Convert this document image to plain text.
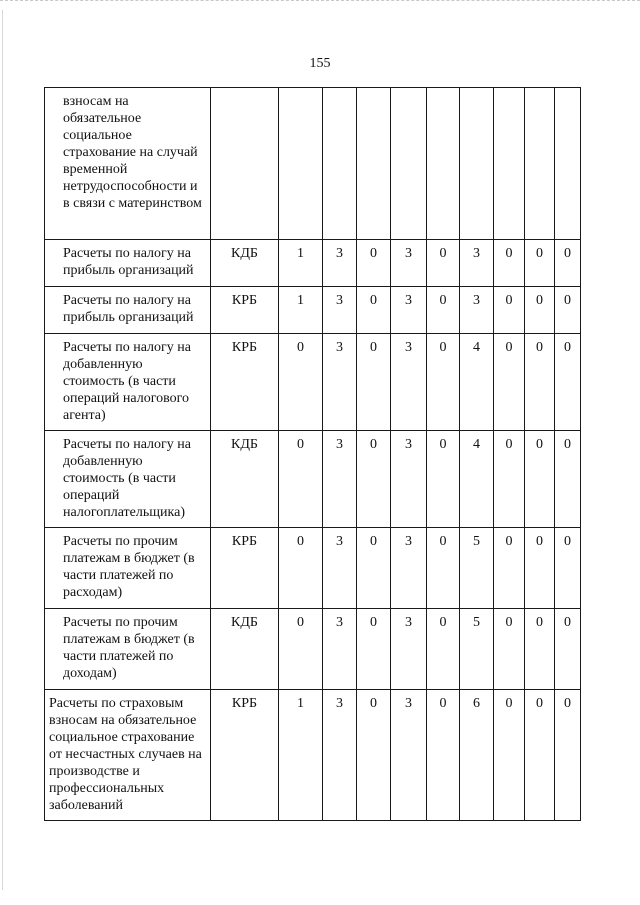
155
взносам на обязательное социальное страхование на случай временной нетрудоспособности и в связи с материнством										
Расчеты по налогу на прибыль организаций	КДБ	1	3	0	3	0	3	0	0	0
Расчеты по налогу на прибыль организаций	КРБ	1	3	0	3	0	3	0	0	0
Расчеты по налогу на добавленную стоимость (в части операций налогового агента)	КРБ	0	3	0	3	0	4	0	0	0
Расчеты по налогу на добавленную стоимость (в части операций налогоплательщика)	КДБ	0	3	0	3	0	4	0	0	0
Расчеты по прочим платежам в бюджет (в части платежей по расходам)	КРБ	0	3	0	3	0	5	0	0	0
Расчеты по прочим платежам в бюджет (в части платежей по доходам)	КДБ	0	3	0	3	0	5	0	0	0
Расчеты по страховым взносам на обязательное социальное страхование от несчастных случаев на производстве и профессиональных заболеваний	КРБ	1	3	0	3	0	6	0	0	0
